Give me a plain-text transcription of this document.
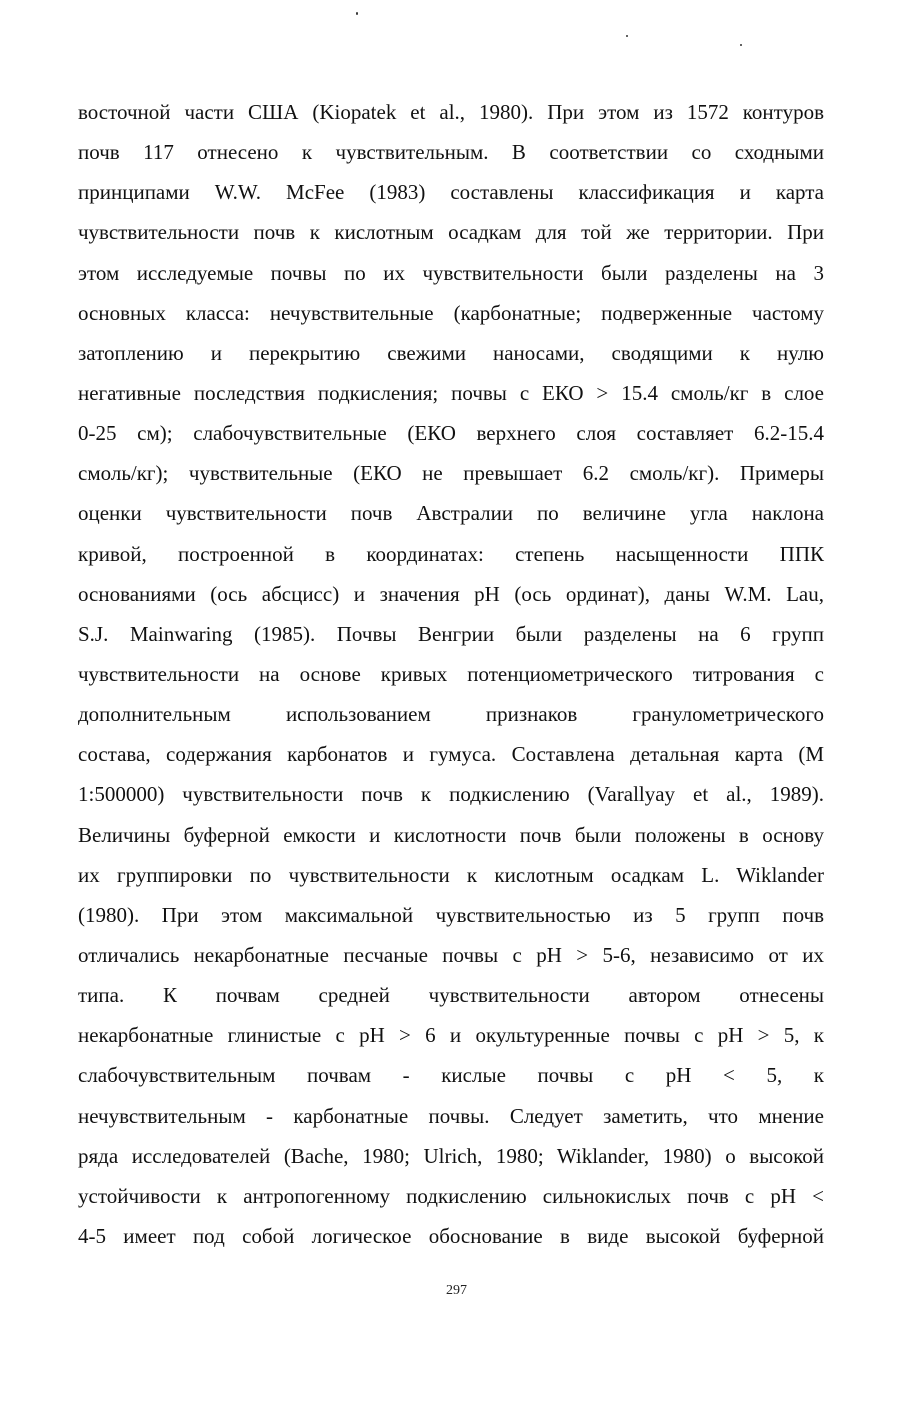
восточной части США (Kiopatek et al., 1980). При этом из 1572 контуров
почв 117 отнесено к чувствительным. В соответствии со сходными
принципами W.W. McFee (1983) составлены классификация и карта
чувствительности почв к кислотным осадкам для той же территории. При
этом исследуемые почвы по их чувствительности были разделены на 3
основных класса: нечувствительные (карбонатные; подверженные частому
затоплению и перекрытию свежими наносами, сводящими к нулю
негативные последствия подкисления; почвы с ЕКО > 15.4 смоль/кг в слое
0-25 см); слабочувствительные (ЕКО верхнего слоя составляет 6.2-15.4
смоль/кг); чувствительные (ЕКО не превышает 6.2 смоль/кг). Примеры
оценки чувствительности почв Австралии по величине угла наклона
кривой, построенной в координатах: степень насыщенности ППК
основаниями (ось абсцисс) и значения pH (ось ординат), даны W.M. Lau,
S.J. Mainwaring (1985). Почвы Венгрии были разделены на 6 групп
чувствительности на основе кривых потенциометрического титрования с
дополнительным использованием признаков гранулометрического
состава, содержания карбонатов и гумуса. Составлена детальная карта (М
1:500000) чувствительности почв к подкислению (Varallyay et al., 1989).
Величины буферной емкости и кислотности почв были положены в основу
их группировки по чувствительности к кислотным осадкам L. Wiklander
(1980). При этом максимальной чувствительностью из 5 групп почв
отличались некарбонатные песчаные почвы с pH > 5-6, независимо от их
типа. К почвам средней чувствительности автором отнесены
некарбонатные глинистые с pH > 6 и окультуренные почвы с pH > 5, к
слабочувствительным почвам - кислые почвы с pH < 5, к
нечувствительным - карбонатные почвы. Следует заметить, что мнение
ряда исследователей (Bache, 1980; Ulrich, 1980; Wiklander, 1980) о высокой
устойчивости к антропогенному подкислению сильнокислых почв с pH <
4-5 имеет под собой логическое обоснование в виде высокой буферной
297
